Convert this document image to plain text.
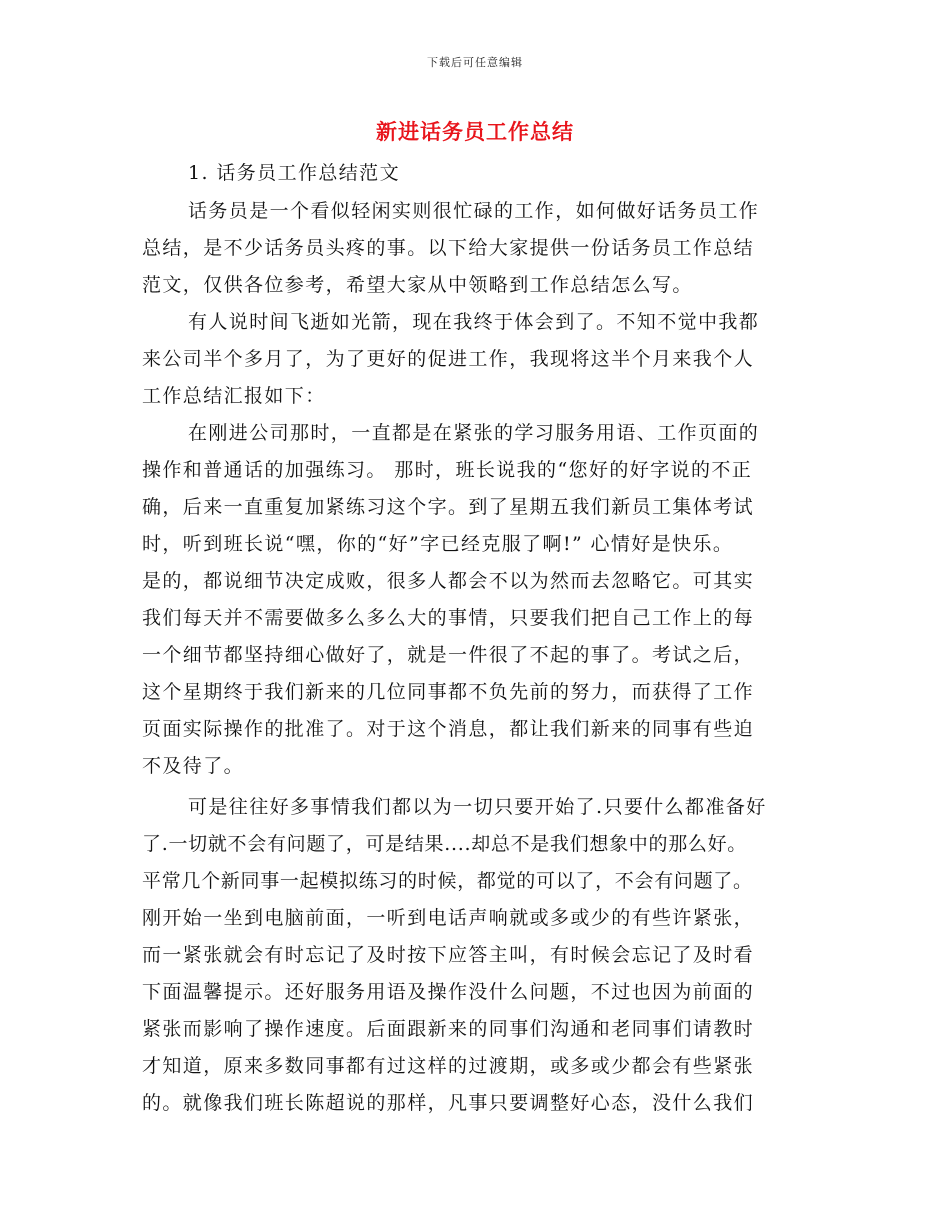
下载后可任意编辑
新进话务员工作总结
1. 话务员工作总结范文
话务员是一个看似轻闲实则很忙碌的工作，如何做好话务员工作
总结，是不少话务员头疼的事。以下给大家提供一份话务员工作总结
范文，仅供各位参考，希望大家从中领略到工作总结怎么写。
有人说时间飞逝如光箭，现在我终于体会到了。不知不觉中我都
来公司半个多月了，为了更好的促进工作，我现将这半个月来我个人
工作总结汇报如下：
在刚进公司那时，一直都是在紧张的学习服务用语、工作页面的
操作和普通话的加强练习。 那时，班长说我的“您好的好字说的不正
确，后来一直重复加紧练习这个字。到了星期五我们新员工集体考试
时，听到班长说“嘿，你的“好”字已经克服了啊!” 心情好是快乐。
是的，都说细节决定成败，很多人都会不以为然而去忽略它。可其实
我们每天并不需要做多么多么大的事情，只要我们把自己工作上的每
一个细节都坚持细心做好了，就是一件很了不起的事了。考试之后，
这个星期终于我们新来的几位同事都不负先前的努力，而获得了工作
页面实际操作的批准了。对于这个消息，都让我们新来的同事有些迫
不及待了。
可是往往好多事情我们都以为一切只要开始了.只要什么都准备好
了.一切就不会有问题了，可是结果....却总不是我们想象中的那么好。
平常几个新同事一起模拟练习的时候，都觉的可以了，不会有问题了。
刚开始一坐到电脑前面，一听到电话声响就或多或少的有些许紧张，
而一紧张就会有时忘记了及时按下应答主叫，有时候会忘记了及时看
下面温馨提示。还好服务用语及操作没什么问题，不过也因为前面的
紧张而影响了操作速度。后面跟新来的同事们沟通和老同事们请教时
才知道，原来多数同事都有过这样的过渡期，或多或少都会有些紧张
的。就像我们班长陈超说的那样，凡事只要调整好心态，没什么我们
